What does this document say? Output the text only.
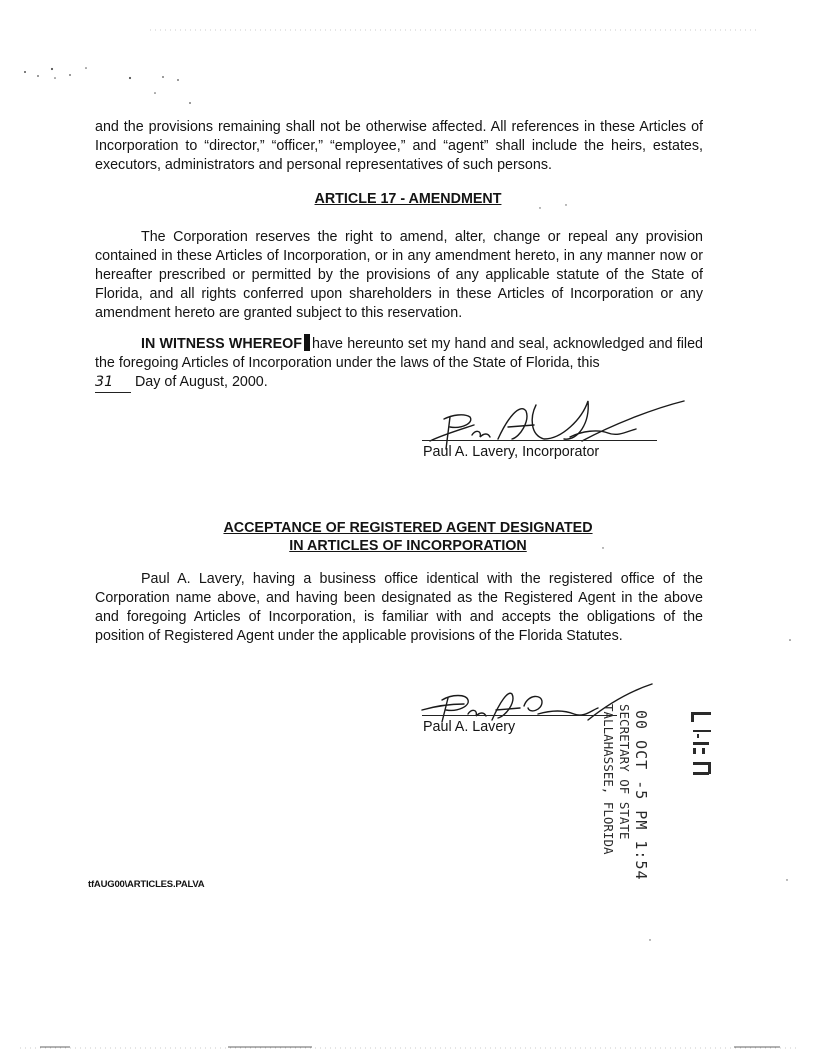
and the provisions remaining shall not be otherwise affected. All references in these Articles of Incorporation to “director,” “officer,” “employee,” and “agent” shall include the heirs, estates, executors, administrators and personal representatives of such persons.

ARTICLE 17 - AMENDMENT

The Corporation reserves the right to amend, alter, change or repeal any provision contained in these Articles of Incorporation, or in any amendment hereto, in any manner now or hereafter prescribed or permitted by the provisions of any applicable statute of the State of Florida, and all rights conferred upon shareholders in these Articles of Incorporation or any amendment hereto are granted subject to this reservation.

IN WITNESS WHEREOF have hereunto set my hand and seal, acknowledged and filed the foregoing Articles of Incorporation under the laws of the State of Florida, this
31 Day of August, 2000.

Paul A. Lavery, Incorporator

ACCEPTANCE OF REGISTERED AGENT DESIGNATED

IN ARTICLES OF INCORPORATION

Paul A. Lavery, having a business office identical with the registered office of the Corporation name above, and having been designated as the Registered Agent in the above and foregoing Articles of Incorporation, is familiar with and accepts the obligations of the position of Registered Agent under the applicable provisions of the Florida Statutes.

Paul A. Lavery	00 OCT -5 PM 1:54
SECRETARY OF STATE
TALLAHASSEE, FLORIDA
tfAUG00\ARTICLES.PALVA
